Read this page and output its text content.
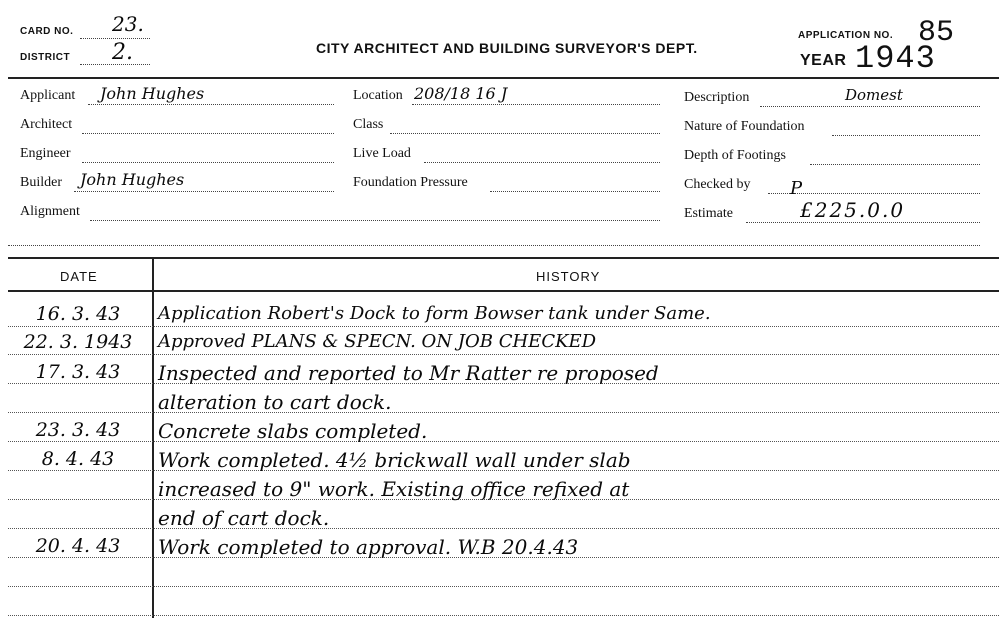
CARD NO. 23.
DISTRICT 2.	CITY ARCHITECT AND BUILDING SURVEYOR'S DEPT.
APPLICATION NO. 85
YEAR 1943
Applicant John Hughes
Architect
Engineer
Builder John Hughes
Alignment
Location 208/18 16 J
Class
Live Load
Foundation Pressure
Description	Domest
Nature of Foundation
Depth of Footings
Checked by P
Estimate	£225.0.0
DATE	HISTORY
16. 3. 43	Application Robert's Dock to form Bowser tank under Same.
22. 3. 1943	Approved PLANS & SPECN. ON JOB CHECKED
17. 3. 43	Inspected and reported to Mr Ratter re proposed
alteration to cart dock.
23. 3. 43	Concrete slabs completed.
8. 4. 43	Work completed. 4½ brickwall wall under slab
increased to 9" work. Existing office refixed at
end of cart dock.
20. 4. 43	Work completed to approval. W.B 20.4.43
